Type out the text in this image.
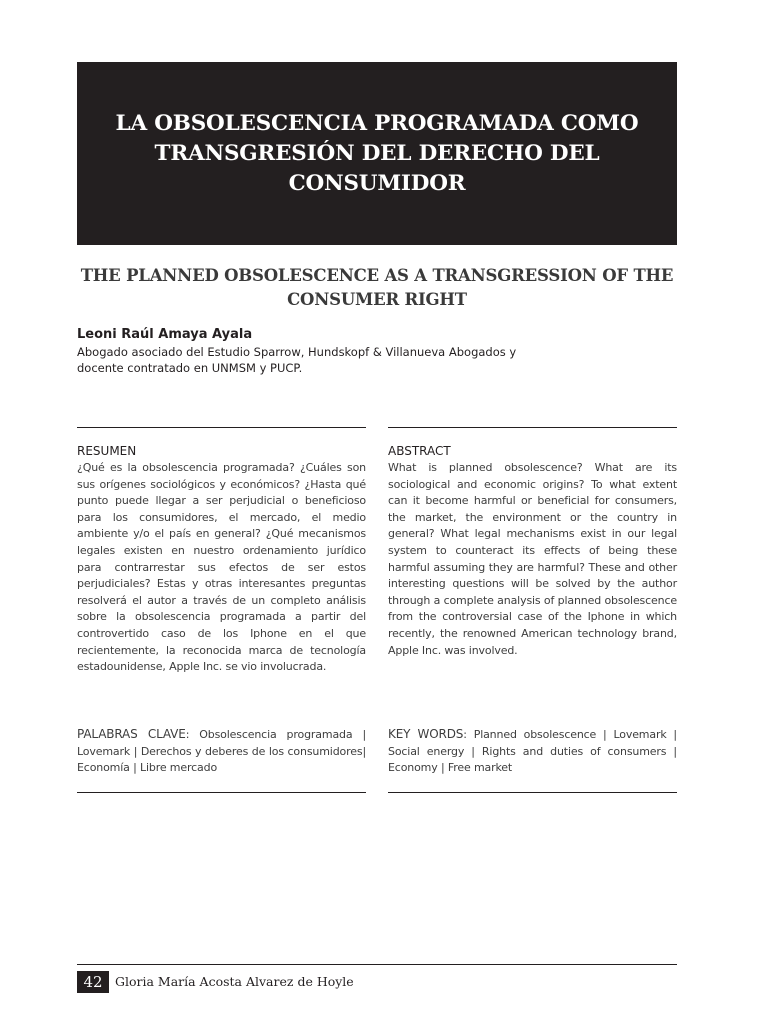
LA OBSOLESCENCIA PROGRAMADA COMO TRANSGRESIÓN DEL DERECHO DEL CONSUMIDOR
THE PLANNED OBSOLESCENCE AS A TRANSGRESSION OF THE CONSUMER RIGHT
Leoni Raúl Amaya Ayala
Abogado asociado del Estudio Sparrow, Hundskopf & Villanueva Abogados y docente contratado en UNMSM y PUCP.
RESUMEN

¿Qué es la obsolescencia programada? ¿Cuáles son sus orígenes sociológicos y económicos? ¿Hasta qué punto puede llegar a ser perjudicial o beneficioso para los consumidores, el mercado, el medio ambiente y/o el país en general? ¿Qué mecanismos legales existen en nuestro ordenamiento jurídico para contrarrestar sus efectos de ser estos perjudiciales? Estas y otras interesantes preguntas resolverá el autor a través de un completo análisis sobre la obsolescencia programada a partir del controvertido caso de los Iphone en el que recientemente, la reconocida marca de tecnología estadounidense, Apple Inc. se vio involucrada.

ABSTRACT

What is planned obsolescence? What are its sociological and economic origins? To what extent can it become harmful or beneficial for consumers, the market, the environment or the country in general? What legal mechanisms exist in our legal system to counteract its effects of being these harmful assuming they are harmful? These and other interesting questions will be solved by the author through a complete analysis of planned obsolescence from the controversial case of the Iphone in which recently, the renowned American technology brand, Apple Inc. was involved.

PALABRAS CLAVE: Obsolescencia programada | Lovemark | Derechos y deberes de los consumidores| Economía | Libre mercado

KEY WORDS: Planned obsolescence | Lovemark | Social energy | Rights and duties of consumers | Economy | Free market

42 Gloria María Acosta Alvarez de Hoyle
